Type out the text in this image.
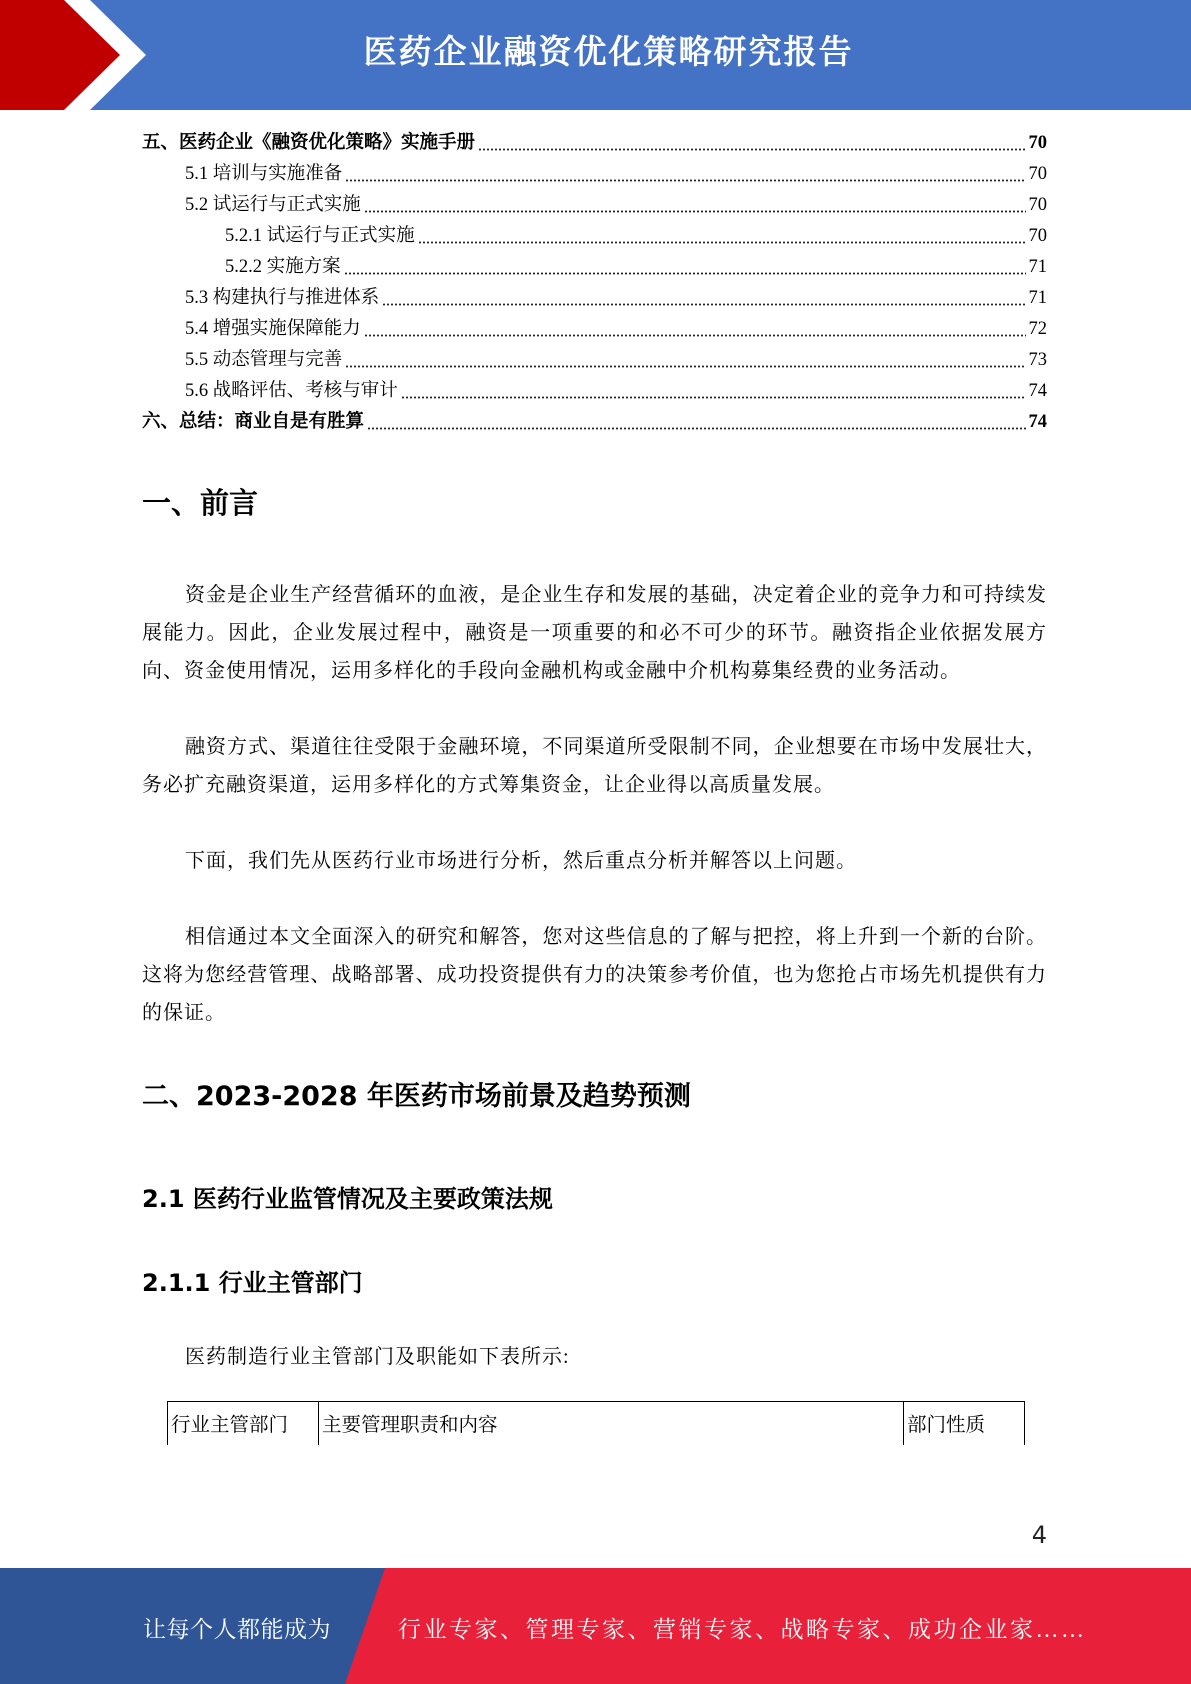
医药企业融资优化策略研究报告
五、医药企业《融资优化策略》实施手册	70
5.1 培训与实施准备	70
5.2 试运行与正式实施	70
5.2.1 试运行与正式实施	70
5.2.2 实施方案	71
5.3 构建执行与推进体系	71
5.4 增强实施保障能力	72
5.5 动态管理与完善	73
5.6 战略评估、考核与审计	74
六、总结：商业自是有胜算	74
一、前言

资金是企业生产经营循环的血液，是企业生存和发展的基础，决定着企业的竞争力和可持续发展能力。因此，企业发展过程中，融资是一项重要的和必不可少的环节。融资指企业依据发展方向、资金使用情况，运用多样化的手段向金融机构或金融中介机构募集经费的业务活动。

融资方式、渠道往往受限于金融环境，不同渠道所受限制不同，企业想要在市场中发展壮大，务必扩充融资渠道，运用多样化的方式筹集资金，让企业得以高质量发展。

下面，我们先从医药行业市场进行分析，然后重点分析并解答以上问题。

相信通过本文全面深入的研究和解答，您对这些信息的了解与把控，将上升到一个新的台阶。这将为您经营管理、战略部署、成功投资提供有力的决策参考价值，也为您抢占市场先机提供有力的保证。

二、2023-2028 年医药市场前景及趋势预测
2.1 医药行业监管情况及主要政策法规
2.1.1 行业主管部门

医药制造行业主管部门及职能如下表所示:

行业主管部门	主要管理职责和内容	部门性质
4
让每个人都能成为	行业专家、管理专家、营销专家、战略专家、成功企业家……
